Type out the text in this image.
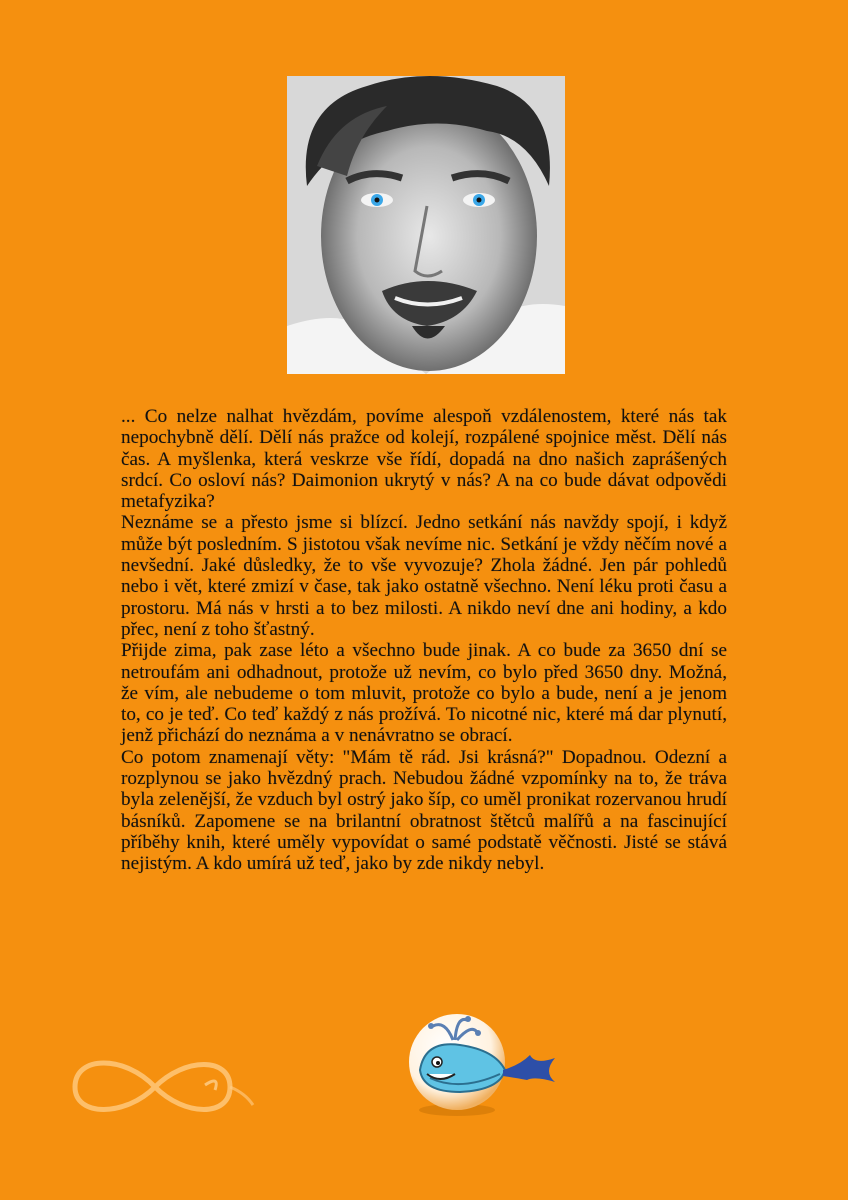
... Co nelze nalhat hvězdám, povíme alespoň vzdálenostem, které nás tak nepochybně dělí. Dělí nás pražce od kolejí, rozpálené spojnice měst. Dělí nás čas. A myšlenka, která veskrze vše řídí, dopadá na dno našich zaprášených srdcí. Co osloví nás? Daimonion ukrytý v nás? A na co bude dávat odpovědi metafyzika?

Neznáme se a přesto jsme si blízcí. Jedno setkání nás navždy spojí, i když může být posledním. S jistotou však nevíme nic. Setkání je vždy něčím nové a nevšední. Jaké důsledky, že to vše vyvozuje? Zhola žádné. Jen pár pohledů nebo i vět, které zmizí v čase, tak jako ostatně všechno. Není léku proti času a prostoru. Má nás v hrsti a to bez milosti. A nikdo neví dne ani hodiny, a kdo přec, není z toho šťastný.

Přijde zima, pak zase léto a všechno bude jinak. A co bude za 3650 dní se netroufám ani odhadnout, protože už nevím, co bylo před 3650 dny. Možná, že vím, ale nebudeme o tom mluvit, protože co bylo a bude, není a je jenom to, co je teď. Co teď každý z nás prožívá. To nicotné nic, které má dar plynutí, jenž přichází do neznáma a v nenávratno se obrací.

Co potom znamenají věty: "Mám tě rád. Jsi krásná?" Dopadnou. Odezní a rozplynou se jako hvězdný prach. Nebudou žádné vzpomínky na to, že tráva byla zelenější, že vzduch byl ostrý jako šíp, co uměl pronikat rozervanou hrudí básníků. Zapomene se na brilantní obratnost štětců malířů a na fascinující příběhy knih, které uměly vypovídat o samé podstatě věčnosti. Jisté se stává nejistým. A kdo umírá už teď, jako by zde nikdy nebyl.
